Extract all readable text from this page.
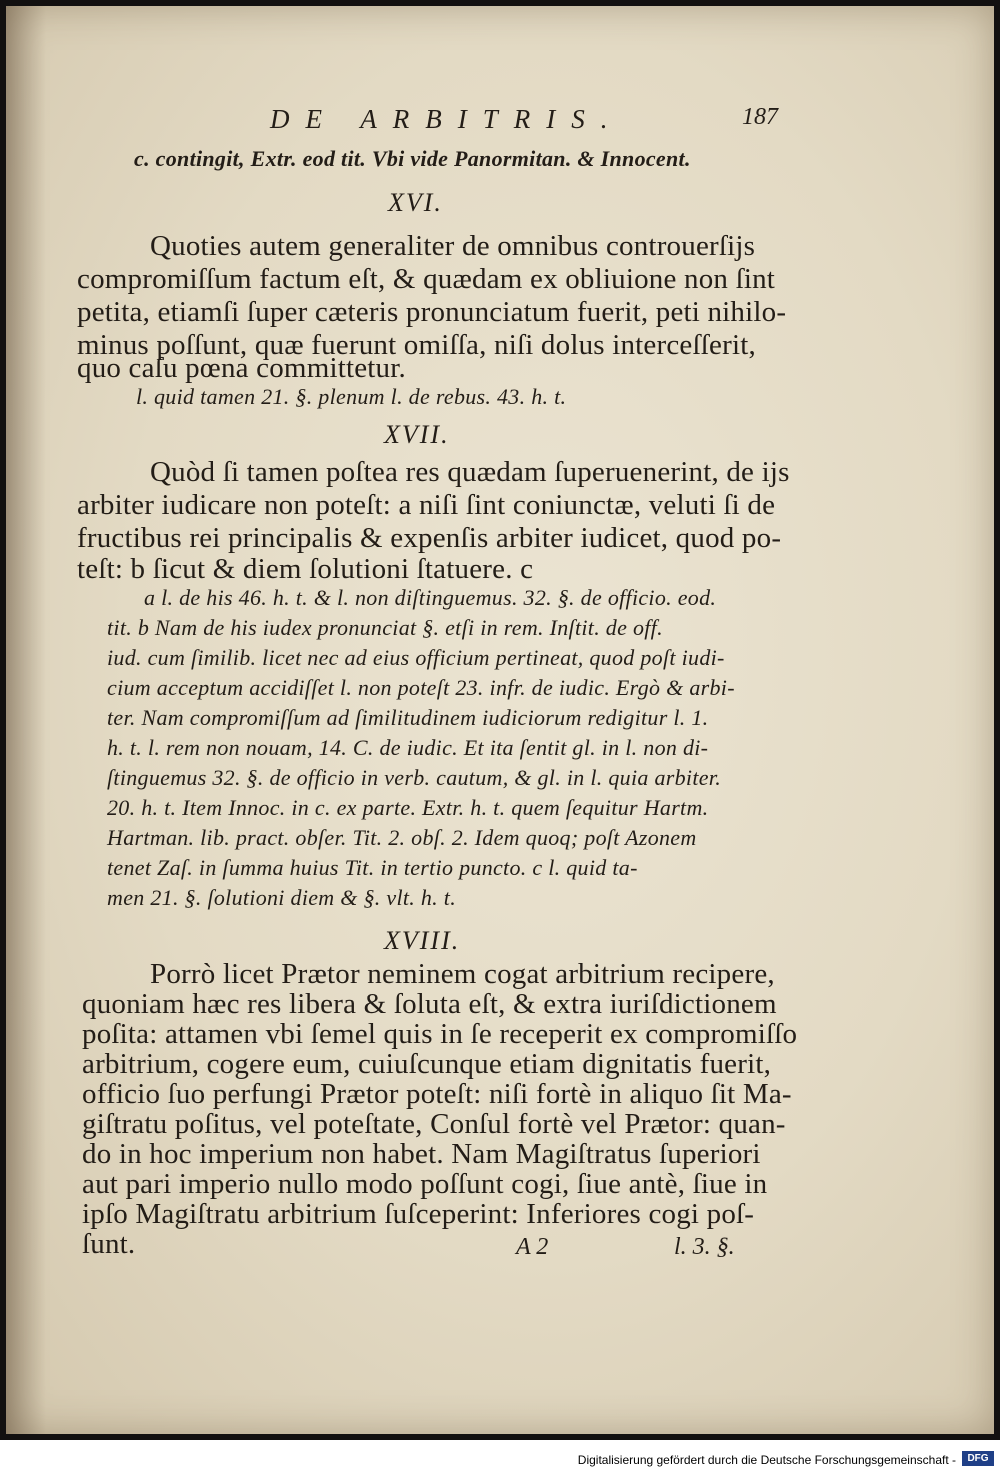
DE ARBITRIS.	187
c. contingit, Extr. eod tit. Vbi vide Panormitan. & Innocent.
XVI.
Quoties autem generaliter de omnibus controuerſijs
compromiſſum factum eſt, & quædam ex obliuione non ſint
petita, etiamſi ſuper cæteris pronunciatum fuerit, peti nihilo-
minus poſſunt, quæ fuerunt omiſſa, niſi dolus interceſſerit,
quo caſu pœna committetur.
l. quid tamen 21. §. plenum l. de rebus. 43. h. t.
XVII.
Quòd ſi tamen poſtea res quædam ſuperuenerint, de ijs
arbiter iudicare non poteſt: a niſi ſint coniunctæ, veluti ſi de
fructibus rei principalis & expenſis arbiter iudicet, quod po-
teſt: b ſicut & diem ſolutioni ſtatuere. c
a l. de his 46. h. t. & l. non diſtinguemus. 32. §. de officio. eod.
tit. b Nam de his iudex pronunciat §. etſi in rem. Inſtit. de off.
iud. cum ſimilib. licet nec ad eius officium pertineat, quod poſt iudi-
cium acceptum accidiſſet l. non poteſt 23. infr. de iudic. Ergò & arbi-
ter. Nam compromiſſum ad ſimilitudinem iudiciorum redigitur l. 1.
h. t. l. rem non nouam, 14. C. de iudic. Et ita ſentit gl. in l. non di-
ſtinguemus 32. §. de officio in verb. cautum, & gl. in l. quia arbiter.
20. h. t. Item Innoc. in c. ex parte. Extr. h. t. quem ſequitur Hartm.
Hartman. lib. pract. obſer. Tit. 2. obſ. 2. Idem quoq; poſt Azonem
tenet Zaſ. in ſumma huius Tit. in tertio puncto. c l. quid ta-
men 21. §. ſolutioni diem & §. vlt. h. t.
XVIII.
Porrò licet Prætor neminem cogat arbitrium recipere,
quoniam hæc res libera & ſoluta eſt, & extra iuriſdictionem
poſita: attamen vbi ſemel quis in ſe receperit ex compromiſſo
arbitrium, cogere eum, cuiuſcunque etiam dignitatis fuerit,
officio ſuo perfungi Prætor poteſt: niſi fortè in aliquo ſit Ma-
giſtratu poſitus, vel poteſtate, Conſul fortè vel Prætor: quan-
do in hoc imperium non habet. Nam Magiſtratus ſuperiori
aut pari imperio nullo modo poſſunt cogi, ſiue antè, ſiue in
ipſo Magiſtratu arbitrium ſuſceperint: Inferiores cogi poſ-
ſunt.	A 2	l. 3. §.
Digitalisierung gefördert durch die Deutsche Forschungsgemeinschaft -	DFG
